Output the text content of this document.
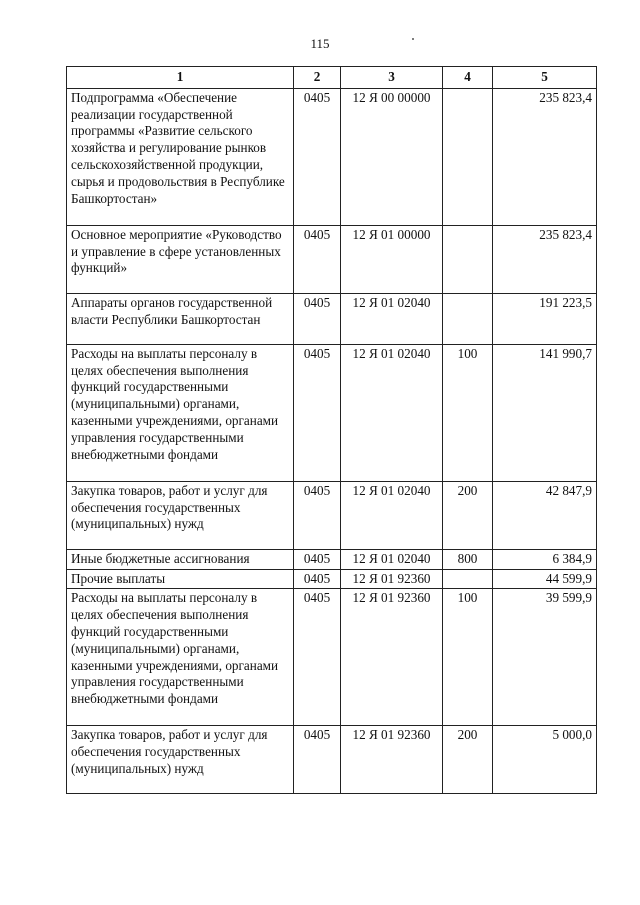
115
1	2	3	4	5
Подпрограмма «Обеспечение реализации государственной программы «Развитие сельского хозяйства и регулирование рынков сельскохозяйственной продукции, сырья и продовольствия в Республике Башкортостан»	0405	12 Я 00 00000		235 823,4
Основное мероприятие «Руководство и управление в сфере установленных функций»	0405	12 Я 01 00000		235 823,4
Аппараты органов государственной власти Республики Башкортостан	0405	12 Я 01 02040		191 223,5
Расходы на выплаты персоналу в целях обеспечения выполнения функций государственными (муниципальными) органами, казенными учреждениями, органами управления государственными внебюджетными фондами	0405	12 Я 01 02040	100	141 990,7
Закупка товаров, работ и услуг для обеспечения государственных (муниципальных) нужд	0405	12 Я 01 02040	200	42 847,9
Иные бюджетные ассигнования	0405	12 Я 01 02040	800	6 384,9
Прочие выплаты	0405	12 Я 01 92360		44 599,9
Расходы на выплаты персоналу в целях обеспечения выполнения функций государственными (муниципальными) органами, казенными учреждениями, органами управления государственными внебюджетными фондами	0405	12 Я 01 92360	100	39 599,9
Закупка товаров, работ и услуг для обеспечения государственных (муниципальных) нужд	0405	12 Я 01 92360	200	5 000,0
